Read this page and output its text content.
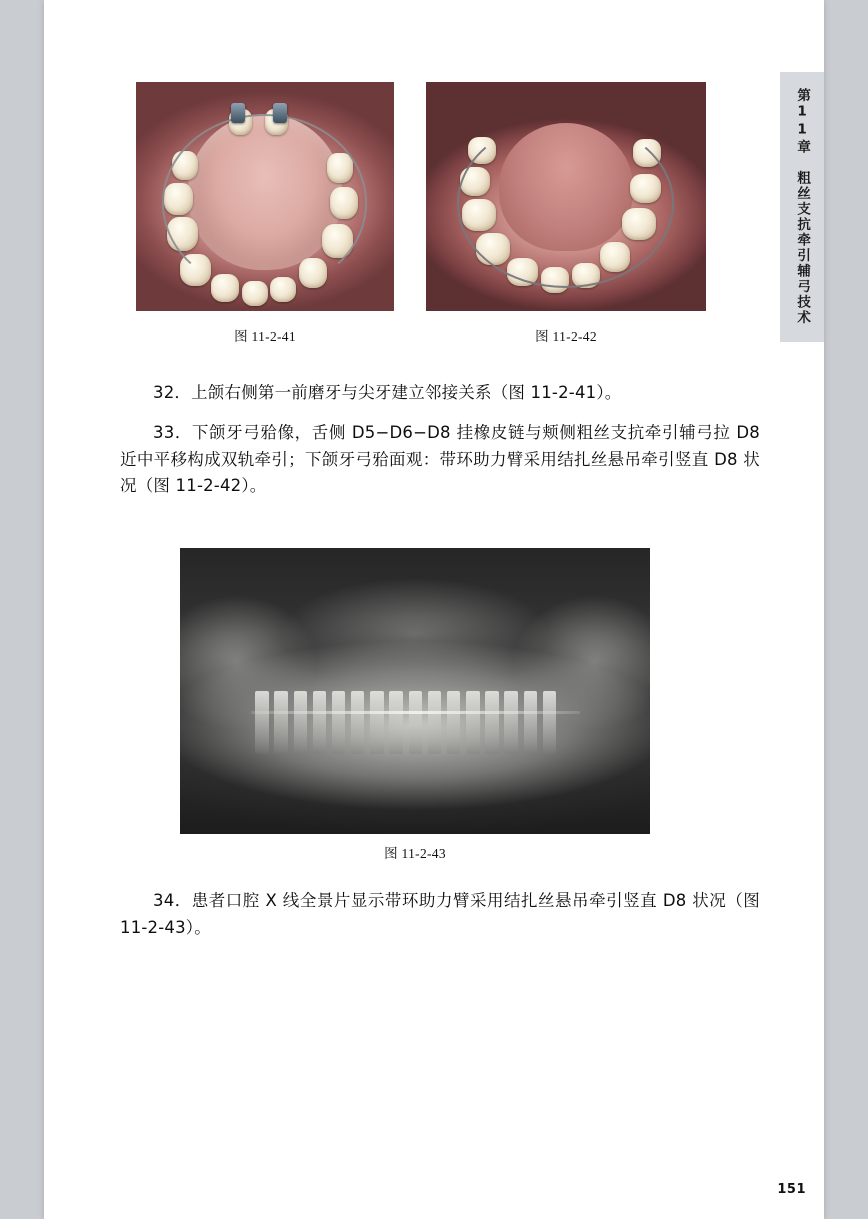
图 11-2-41	图 11-2-42
32．上颌右侧第一前磨牙与尖牙建立邻接关系（图 11-2-41）。
33．下颌牙弓𬌗像，舌侧 D5−D6−D8 挂橡皮链与颊侧粗丝支抗牵引辅弓拉 D8 近中平移构成双轨牵引；下颌牙弓𬌗面观：带环助力臂采用结扎丝悬吊牵引竖直 D8 状况（图 11-2-42）。
图 11-2-43
34．患者口腔 X 线全景片显示带环助力臂采用结扎丝悬吊牵引竖直 D8 状况（图 11-2-43）。
第11章　粗丝支抗牵引辅弓技术
151
